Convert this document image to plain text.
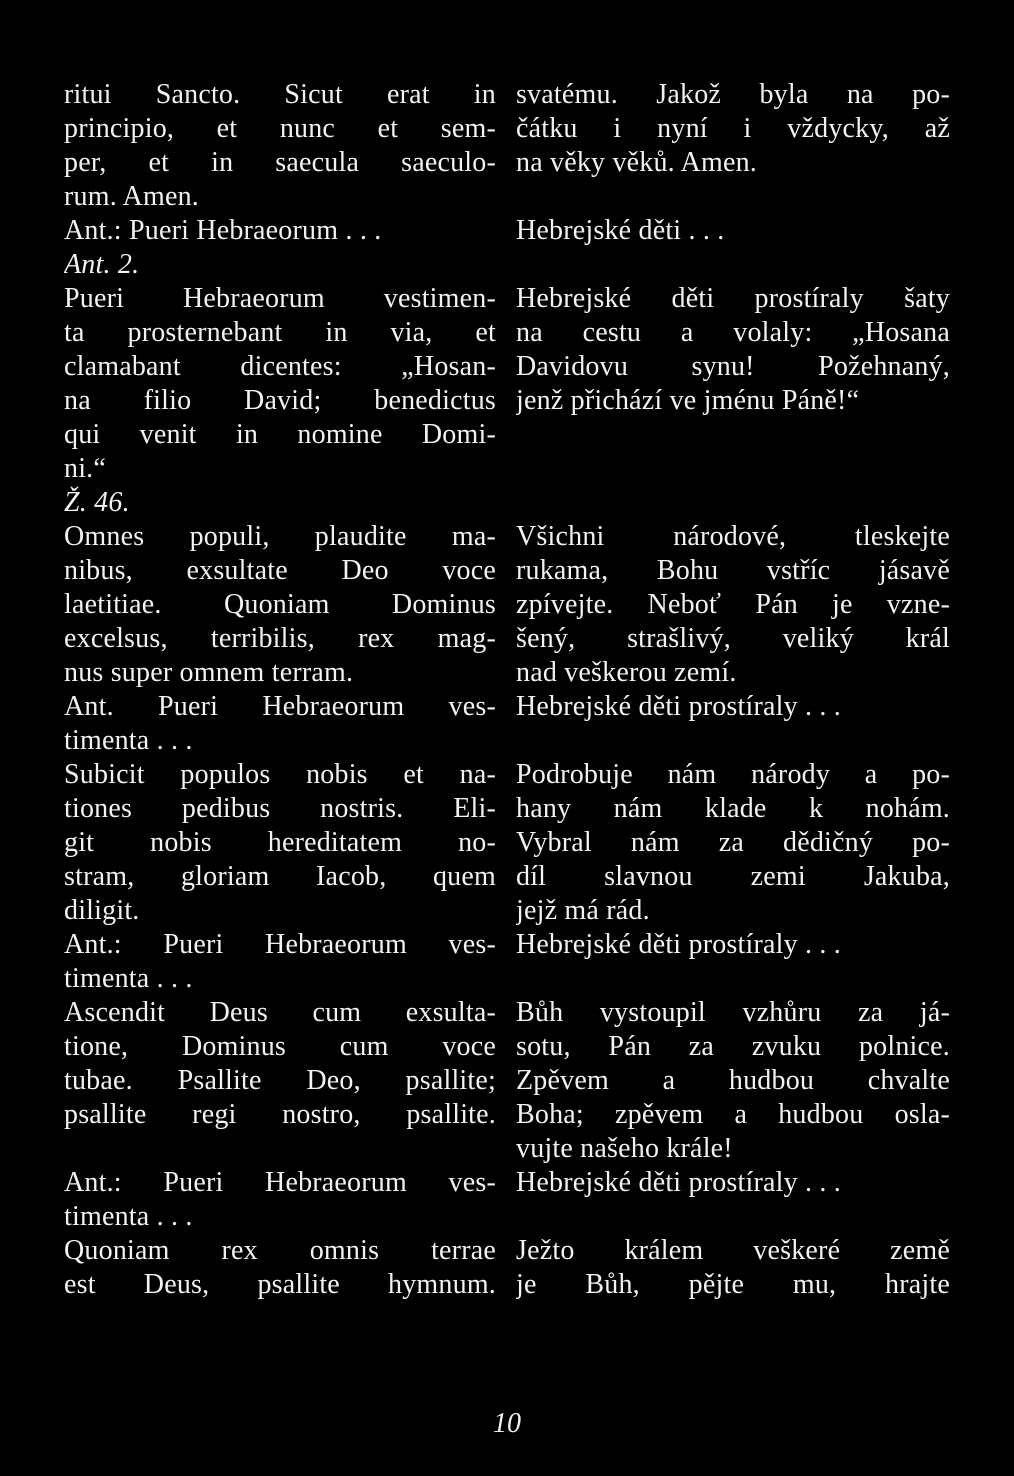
ritui Sancto. Sicut erat in
principio, et nunc et sem-
per, et in saecula saeculo-
rum. Amen.
Ant.: Pueri Hebraeorum . . .
Ant. 2.
Pueri Hebraeorum vestimen-
ta prosternebant in via, et
clamabant dicentes: „Hosan-
na filio David; benedictus
qui venit in nomine Domi-
ni.“
Ž. 46.
Omnes populi, plaudite ma-
nibus, exsultate Deo voce
laetitiae. Quoniam Dominus
excelsus, terribilis, rex mag-
nus super omnem terram.
Ant. Pueri Hebraeorum ves-
timenta . . .
Subicit populos nobis et na-
tiones pedibus nostris. Eli-
git nobis hereditatem no-
stram, gloriam Iacob, quem
diligit.
Ant.: Pueri Hebraeorum ves-
timenta . . .
Ascendit Deus cum exsulta-
tione, Dominus cum voce
tubae. Psallite Deo, psallite;
psallite regi nostro, psallite.
Ant.: Pueri Hebraeorum ves-
timenta . . .
Quoniam rex omnis terrae
est Deus, psallite hymnum.
svatému. Jakož byla na po-
čátku i nyní i vždycky, až
na věky věků. Amen.
Hebrejské děti . . .
Hebrejské děti prostíraly šaty
na cestu a volaly: „Hosana
Davidovu synu! Požehnaný,
jenž přichází ve jménu Páně!“
Všichni národové, tleskejte
rukama, Bohu vstříc jásavě
zpívejte. Neboť Pán je vzne-
šený, strašlivý, veliký král
nad veškerou zemí.
Hebrejské děti prostíraly . . .
Podrobuje nám národy a po-
hany nám klade k nohám.
Vybral nám za dědičný po-
díl slavnou zemi Jakuba,
jejž má rád.
Hebrejské děti prostíraly . . .
Bůh vystoupil vzhůru za já-
sotu, Pán za zvuku polnice.
Zpěvem a hudbou chvalte
Boha; zpěvem a hudbou osla-
vujte našeho krále!
Hebrejské děti prostíraly . . .
Ježto králem veškeré země
je Bůh, pějte mu, hrajte
10
